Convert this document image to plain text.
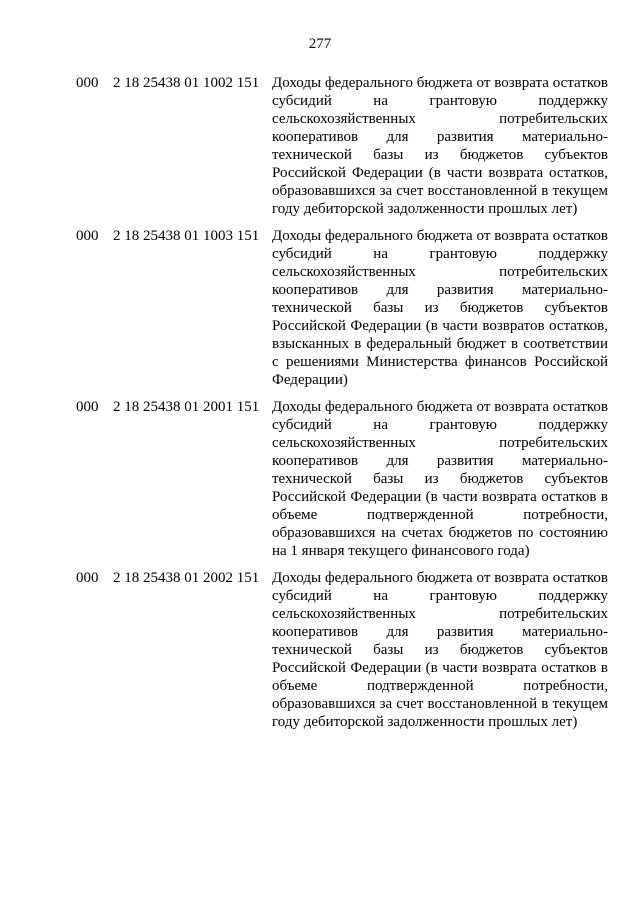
277
000 2 18 25438 01 1002 151 Доходы федерального бюджета от возврата остатков субсидий на грантовую поддержку сельскохозяйственных потребительских кооперативов для развития материально-технической базы из бюджетов субъектов Российской Федерации (в части возврата остатков, образовавшихся за счет восстановленной в текущем году дебиторской задолженности прошлых лет)
000 2 18 25438 01 1003 151 Доходы федерального бюджета от возврата остатков субсидий на грантовую поддержку сельскохозяйственных потребительских кооперативов для развития материально-технической базы из бюджетов субъектов Российской Федерации (в части возвратов остатков, взысканных в федеральный бюджет в соответствии с решениями Министерства финансов Российской Федерации)
000 2 18 25438 01 2001 151 Доходы федерального бюджета от возврата остатков субсидий на грантовую поддержку сельскохозяйственных потребительских кооперативов для развития материально-технической базы из бюджетов субъектов Российской Федерации (в части возврата остатков в объеме подтвержденной потребности, образовавшихся на счетах бюджетов по состоянию на 1 января текущего финансового года)
000 2 18 25438 01 2002 151 Доходы федерального бюджета от возврата остатков субсидий на грантовую поддержку сельскохозяйственных потребительских кооперативов для развития материально-технической базы из бюджетов субъектов Российской Федерации (в части возврата остатков в объеме подтвержденной потребности, образовавшихся за счет восстановленной в текущем году дебиторской задолженности прошлых лет)
